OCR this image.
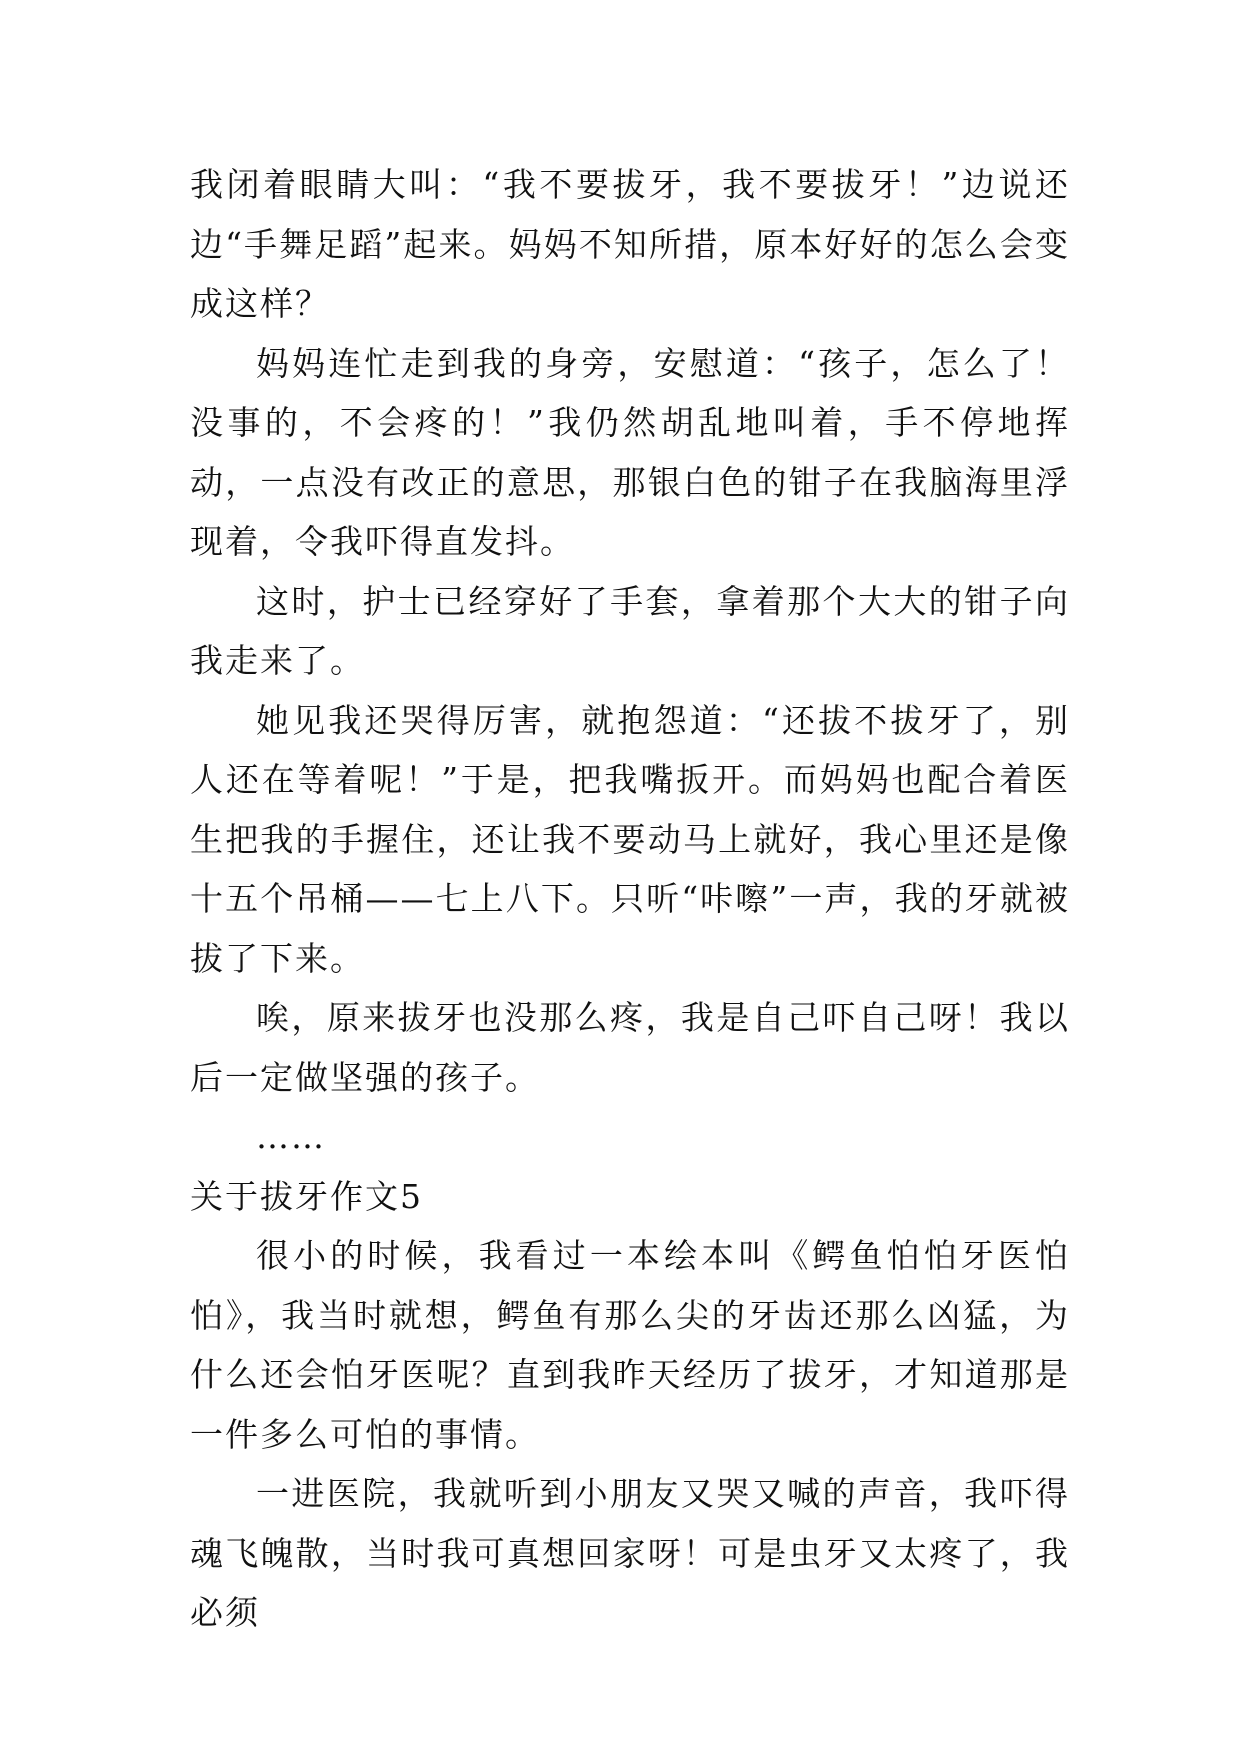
我闭着眼睛大叫：“我不要拔牙，我不要拔牙！”边说还边“手舞足蹈”起来。妈妈不知所措，原本好好的怎么会变成这样？

妈妈连忙走到我的身旁，安慰道：“孩子，怎么了！没事的，不会疼的！”我仍然胡乱地叫着，手不停地挥动，一点没有改正的意思，那银白色的钳子在我脑海里浮现着，令我吓得直发抖。

这时，护士已经穿好了手套，拿着那个大大的钳子向我走来了。

她见我还哭得厉害，就抱怨道：“还拔不拔牙了，别人还在等着呢！”于是，把我嘴扳开。而妈妈也配合着医生把我的手握住，还让我不要动马上就好，我心里还是像十五个吊桶——七上八下。只听“咔嚓”一声，我的牙就被拔了下来。

唉，原来拔牙也没那么疼，我是自己吓自己呀！我以后一定做坚强的孩子。

……

关于拔牙作文5

很小的时候，我看过一本绘本叫《鳄鱼怕怕牙医怕怕》，我当时就想，鳄鱼有那么尖的牙齿还那么凶猛，为什么还会怕牙医呢？直到我昨天经历了拔牙，才知道那是一件多么可怕的事情。

一进医院，我就听到小朋友又哭又喊的声音，我吓得魂飞魄散，当时我可真想回家呀！可是虫牙又太疼了，我必须
